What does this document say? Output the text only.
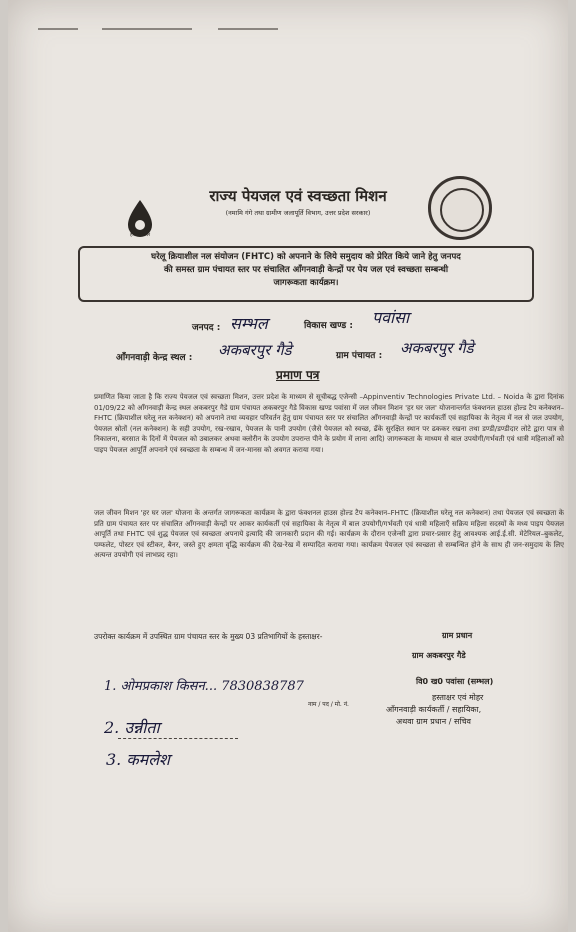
हर घर जल
राज्य पेयजल एवं स्वच्छता मिशन
(नमामि गंगे तथा ग्रामीण जलापूर्ति विभाग, उत्तर प्रदेश सरकार)

घरेलू क्रियाशील नल संयोजन (FHTC) को अपनाने के लिये समुदाय को प्रेरित किये जाने हेतु जनपद

की समस्त ग्राम पंचायत स्तर पर संचालित आँगनवाड़ी केन्द्रों पर पेय जल एवं स्वच्छता सम्बन्धी

जागरूकता कार्यक्रम।

जनपद : सम्भल	विकास खण्ड : पवांसा
आँगनवाड़ी केन्द्र स्थल : अकबरपुर गैडे	ग्राम पंचायत : अकबरपुर गैडे
प्रमाण पत्र
प्रमाणित किया जाता है कि राज्य पेयजल एवं स्वच्छता मिशन, उत्तर प्रदेश के माध्यम से सूचीबद्ध एजेन्सी –Appinventiv Technologies Private Ltd. – Noida के द्वारा दिनांक 01/09/22 को आँगनवाड़ी केन्द्र स्थल अकबरपुर गैडे ग्राम पंचायत अकबरपुर गैडे विकास खण्ड पवांसा में जल जीवन मिशन 'हर घर जल' योजनान्तर्गत फंक्शनल हाउस होल्ड टैप कनेक्शन–FHTC (क्रियाशील घरेलू नल कनेक्शन) को अपनाने तथा व्यवहार परिवर्तन हेतु ग्राम पंचायत स्तर पर संचालित आँगनवाड़ी केन्द्रों पर कार्यकर्ती एवं सहायिका के नेतृत्व में नल से जल उपयोग, पेयजल स्रोतों (नल कनेक्शन) के सही उपयोग, रख-रखाव, पेयजल के पानी उपयोग (जैसे पेयजल को स्वच्छ, ढँके सुरक्षित स्थान पर ढककर रखना तथा डण्डी/डण्डीदार लोटे द्वारा पात्र से निकालना, बरसात के दिनों में पेयजल को उबालकर अथवा क्लोरीन के उपयोग उपरान्त पीने के प्रयोग में लाना आदि) जागरूकता के माध्यम से बाल उपयोगी/गर्भवती एवं धात्री महिलाओं को पाइप पेयजल आपूर्ति अपनाने एवं स्वच्छता के सम्बन्ध में जन-मानस को अवगत कराया गया।
जल जीवन मिशन 'हर घर जल' योजना के अन्तर्गत जागरूकता कार्यक्रम के द्वारा फंक्शनल हाउस होल्ड टैप कनेक्शन–FHTC (क्रियाशील घरेलू नल कनेक्शन) तथा पेयजल एवं स्वच्छता के प्रति ग्राम पंचायत स्तर पर संचालित आँगनवाड़ी केन्द्रों पर आकर कार्यकर्ती एवं सहायिका के नेतृत्व में बाल उपयोगी/गर्भवती एवं धात्री महिलाएँ सक्रिय महिला सदस्यों के मध्य पाइप पेयजल आपूर्ति तथा FHTC एवं शुद्ध पेयजल एवं स्वच्छता अपनाये इत्यादि की जानकारी प्रदान की गई। कार्यक्रम के दौरान एजेन्सी द्वारा प्रचार-प्रसार हेतु आवश्यक आई.ई.सी. मेटेरियल–बुकलेट, पम्फलेट, पोस्टर एवं स्टीकर, बैनर, जस्ते हुए क्षमता वृद्धि कार्यक्रम की देख-रेख में सम्पादित कराया गया। कार्यक्रम पेयजल एवं स्वच्छता से सम्बन्धित होने के साथ ही जन-समुदाय के लिए अत्यन्त उपयोगी एवं लाभप्रद रहा।
उपरोक्त कार्यक्रम में उपस्थित ग्राम पंचायत स्तर के मुख्य 03 प्रतिभागियों के हस्ताक्षर-
1. ओमप्रकाश किसन... 7830838787
नाम / पद / मो. नं.
2. उन्नीता
3. कमलेश
ग्राम प्रधान
ग्राम अकबरपुर गैडे
वि0 ख0 पवांसा (सम्भल)
हस्ताक्षर एवं मोहर
आँगनवाड़ी कार्यकर्ती / सहायिका,
अथवा ग्राम प्रधान / सचिव
